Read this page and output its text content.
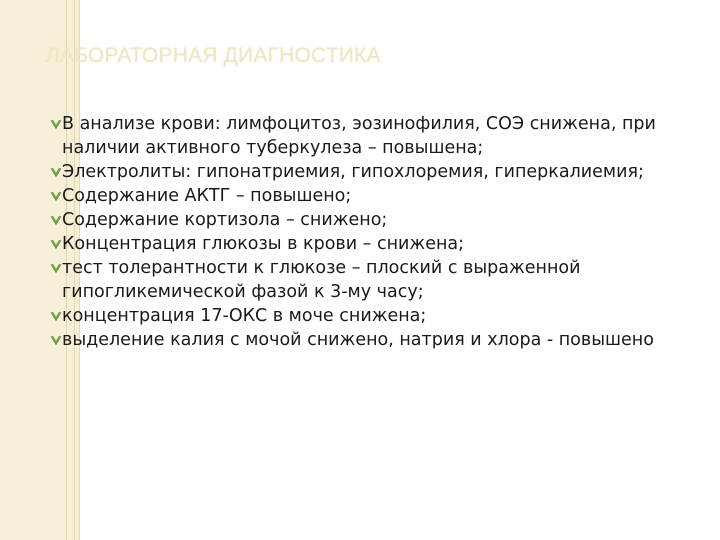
ЛАБОРАТОРНАЯ ДИАГНОСТИКА
В анализе крови: лимфоцитоз, эозинофилия, СОЭ снижена, при наличии активного туберкулеза – повышена;
Электролиты: гипонатриемия, гипохлоремия, гиперкалиемия;
Содержание АКТГ – повышено;
Содержание кортизола – снижено;
Концентрация глюкозы в крови – снижена;
тест толерантности к глюкозе – плоский с выраженной гипогликемической фазой к 3-му часу;
концентрация 17-ОКС в моче снижена;
выделение калия с мочой снижено, натрия и хлора - повышено
